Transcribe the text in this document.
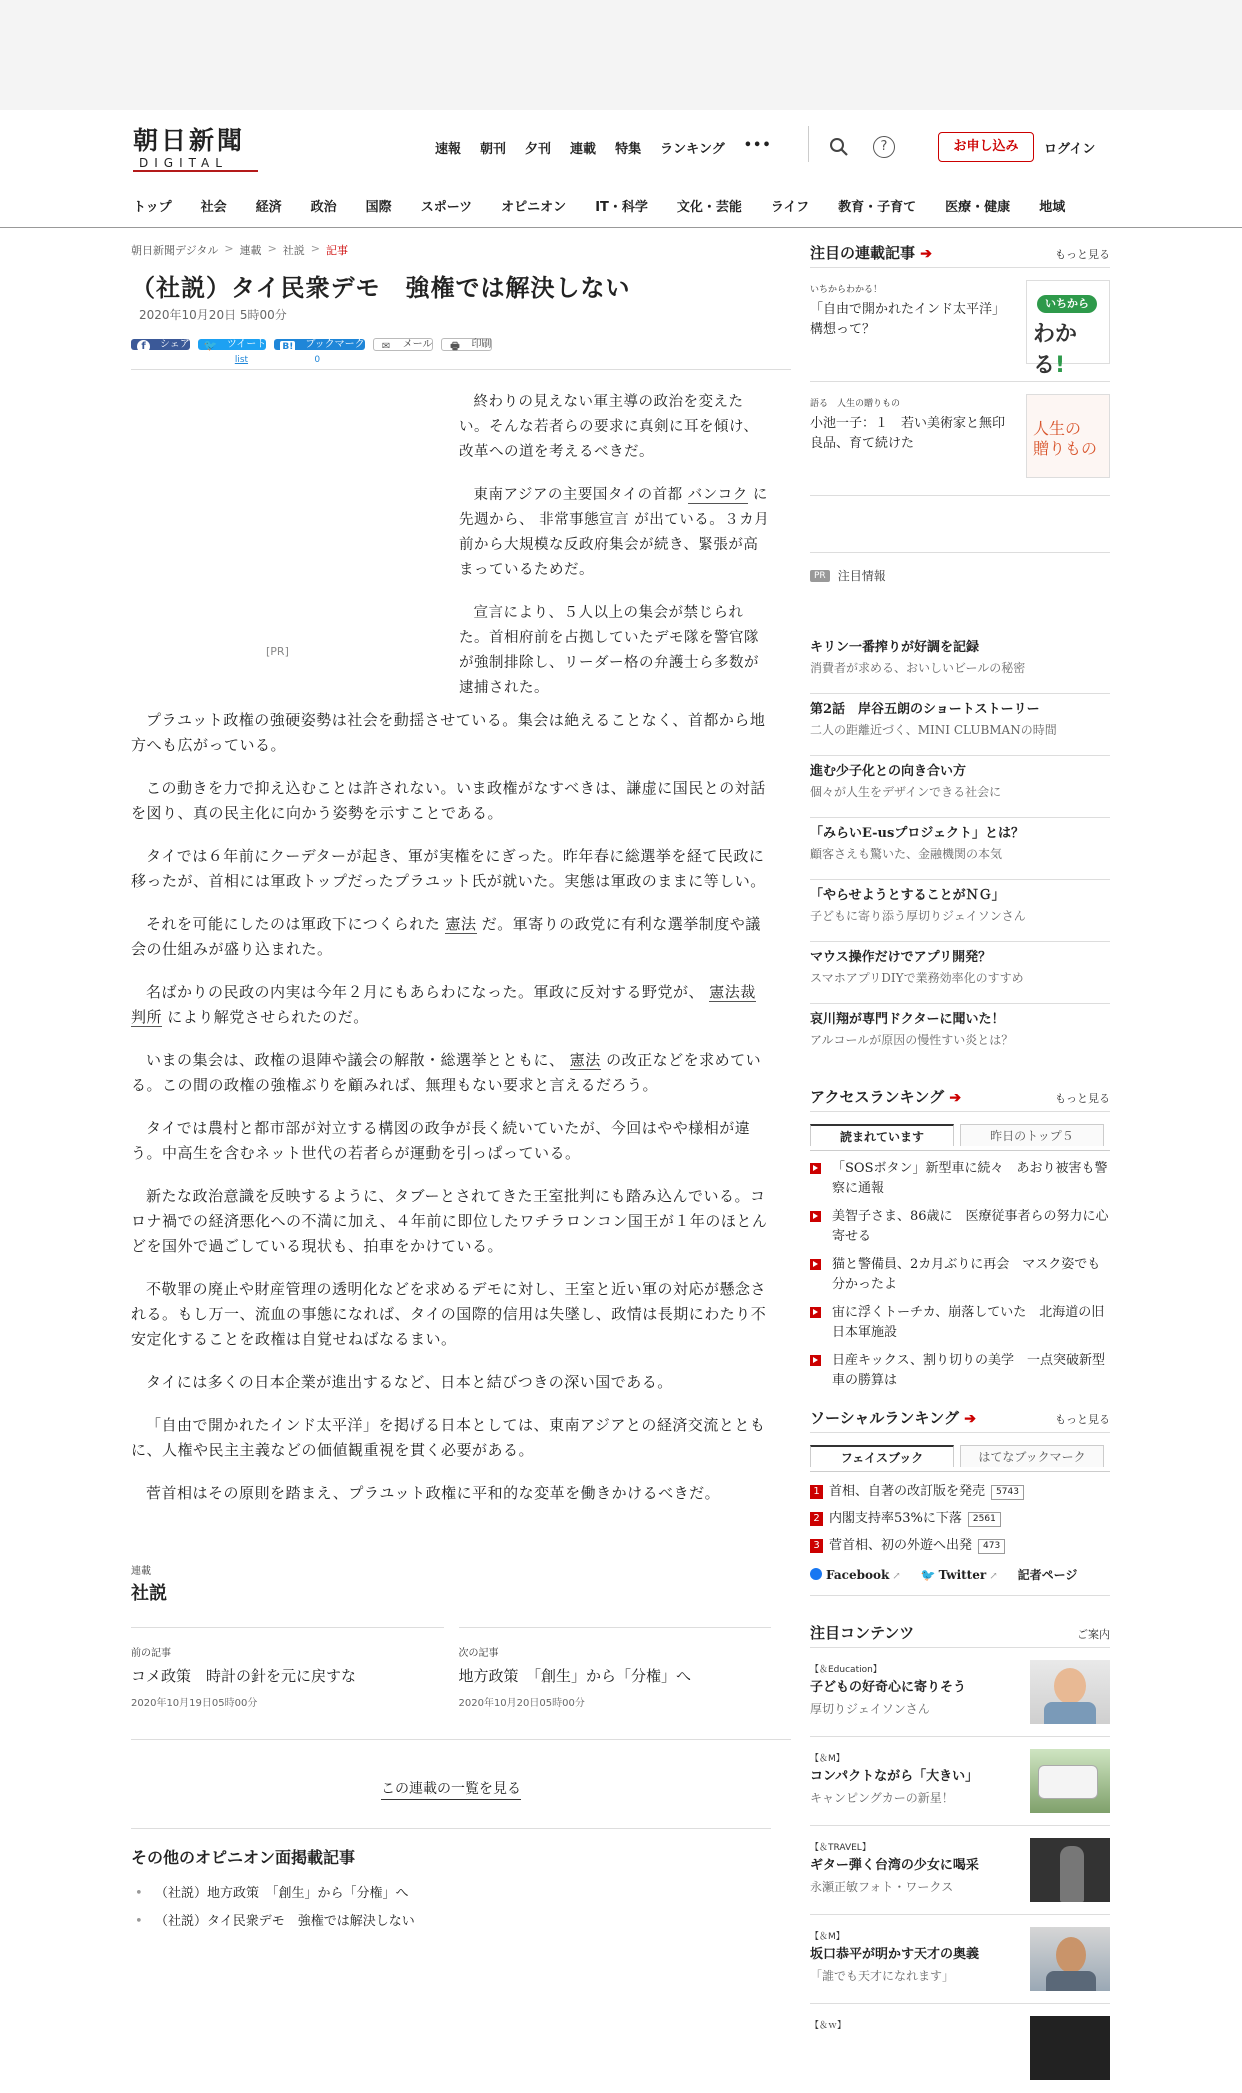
朝日新聞
DIGITAL
速報 朝刊 夕刊 連載 特集 ランキング •••	?	お申し込み	ログイン
トップ 社会 経済 政治 国際 スポーツ オピニオン IT・科学 文化・芸能 ライフ 教育・子育て 医療・健康 地域
朝日新聞デジタル > 連載 > 社説 > 記事
（社説）タイ民衆デモ　強権では解決しない
2020年10月20日 5時00分
f シェア	🐦 ツイート
list
B! ブックマーク
0
✉ メール	🖶 印刷
[PR]

終わりの見えない軍主導の政治を変えたい。そんな若者らの要求に真剣に耳を傾け、改革への道を考えるべきだ。

東南アジアの主要国タイの首都 バンコク に先週から、 非常事態宣言 が出ている。３カ月前から大規模な反政府集会が続き、緊張が高まっているためだ。

宣言により、５人以上の集会が禁じられた。首相府前を占拠していたデモ隊を警官隊が強制排除し、リーダー格の弁護士ら多数が逮捕された。

プラユット政権の強硬姿勢は社会を動揺させている。集会は絶えることなく、首都から地方へも広がっている。

この動きを力で抑え込むことは許されない。いま政権がなすべきは、謙虚に国民との対話を図り、真の民主化に向かう姿勢を示すことである。

タイでは６年前にクーデターが起き、軍が実権をにぎった。昨年春に総選挙を経て民政に移ったが、首相には軍政トップだったプラユット氏が就いた。実態は軍政のままに等しい。

それを可能にしたのは軍政下につくられた 憲法 だ。軍寄りの政党に有利な選挙制度や議会の仕組みが盛り込まれた。

名ばかりの民政の内実は今年２月にもあらわになった。軍政に反対する野党が、 憲法裁判所 により解党させられたのだ。

いまの集会は、政権の退陣や議会の解散・総選挙とともに、 憲法 の改正などを求めている。この間の政権の強権ぶりを顧みれば、無理もない要求と言えるだろう。

タイでは農村と都市部が対立する構図の政争が長く続いていたが、今回はやや様相が違う。中高生を含むネット世代の若者らが運動を引っぱっている。

新たな政治意識を反映するように、タブーとされてきた王室批判にも踏み込んでいる。コロナ禍での経済悪化への不満に加え、４年前に即位したワチラロンコン国王が１年のほとんどを国外で過ごしている現状も、拍車をかけている。

不敬罪の廃止や財産管理の透明化などを求めるデモに対し、王室と近い軍の対応が懸念される。もし万一、流血の事態になれば、タイの国際的信用は失墜し、政情は長期にわたり不安定化することを政権は自覚せねばなるまい。

タイには多くの日本企業が進出するなど、日本と結びつきの深い国である。

「自由で開かれたインド太平洋」を掲げる日本としては、東南アジアとの経済交流とともに、人権や民主主義などの価値観重視を貫く必要がある。

菅首相はその原則を踏まえ、プラユット政権に平和的な変革を働きかけるべきだ。

連載
社説
前の記事
コメ政策　時計の針を元に戻すな
2020年10月19日05時00分
次の記事
地方政策　「創生」から「分権」へ
2020年10月20日05時00分
この連載の一覧を見る
その他のオピニオン面掲載記事
• （社説）地方政策　「創生」から「分権」へ
• （社説）タイ民衆デモ　強権では解決しない
注目の連載記事 ➔	もっと見る
いちからわかる！
「自由で開かれたインド太平洋」構想って？
いちから
わかる!
語る　人生の贈りもの
小池一子：１　若い美術家と無印良品、育て続けた
人生の
贈りもの
PR	注目情報
キリン一番搾りが好調を記録
消費者が求める、おいしいビールの秘密
第2話　岸谷五朗のショートストーリー
二人の距離近づく、MINI CLUBMANの時間
進む少子化との向き合い方
個々が人生をデザインできる社会に
「みらいE-usプロジェクト」とは？
顧客さえも驚いた、金融機関の本気
「やらせようとすることがＮＧ」
子どもに寄り添う厚切りジェイソンさん
マウス操作だけでアプリ開発？
スマホアプリDIYで業務効率化のすすめ
哀川翔が専門ドクターに聞いた！
アルコールが原因の慢性すい炎とは？
アクセスランキング ➔	もっと見る
読まれています	昨日のトップ５
「SOSボタン」新型車に続々　あおり被害も警察に通報
美智子さま、86歳に　医療従事者らの努力に心寄せる
猫と警備員、2カ月ぶりに再会　マスク姿でも分かったよ
宙に浮くトーチカ、崩落していた　北海道の旧日本軍施設
日産キックス、割り切りの美学　一点突破新型車の勝算は
ソーシャルランキング ➔	もっと見る
フェイスブック	はてなブックマーク
1 首相、自著の改訂版を発売	5743
2 内閣支持率53%に下落	2561
3 菅首相、初の外遊へ出発	473
Facebook ↗ 🐦 Twitter ↗ 記者ページ
注目コンテンツ	ご案内
【＆Education】
子どもの好奇心に寄りそう
厚切りジェイソンさん
【＆M】
コンパクトながら「大きい」
キャンピングカーの新星！
【＆TRAVEL】
ギター弾く台湾の少女に喝采
永瀬正敏フォト・ワークス
【＆M】
坂口恭平が明かす天才の奥義
「誰でも天才になれます」
【＆ｗ】
